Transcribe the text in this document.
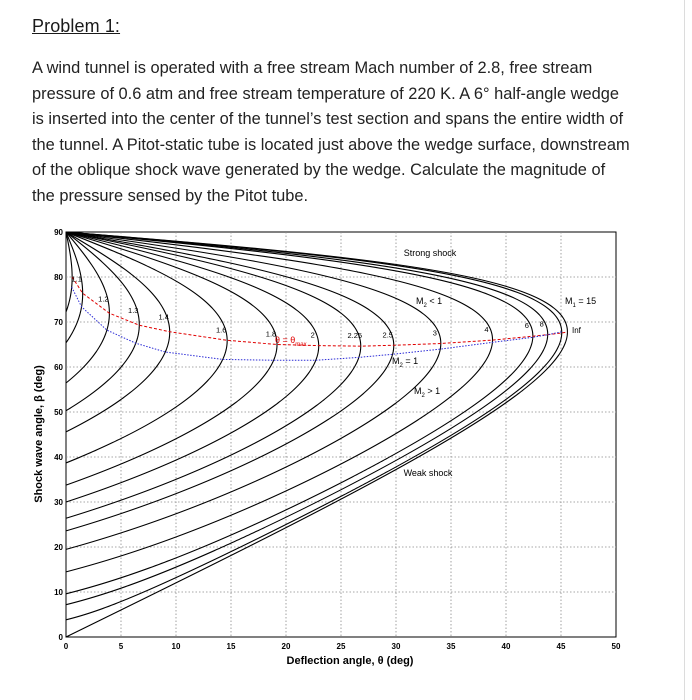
Problem 1:

A wind tunnel is operated with a free stream Mach number of 2.8, free stream pressure of 0.6 atm and free stream temperature of 220 K. A 6° half-angle wedge is inserted into the center of the tunnel’s test section and spans the entire width of the tunnel. A Pitot-static tube is located just above the wedge surface, downstream of the oblique shock wave generated by the wedge. Calculate the magnitude of the pressure sensed by the Pitot tube.

0	5	10	15	20	25	30	35	40	45	50
0
10
20
30
40
50
60
70
80
90
1.1
1.2
1.3
1.4
1.6	1.8	2	2.25	2.5	3	4	6 8
Deflection angle, θ (deg)
Shock wave angle, β (deg)
Strong shock
Weak shock
$M_2 < 1$
$M_2 = 1$
$M_2 > 1$
$M_1 = 15$
Inf
$\theta = \theta_{max}$
